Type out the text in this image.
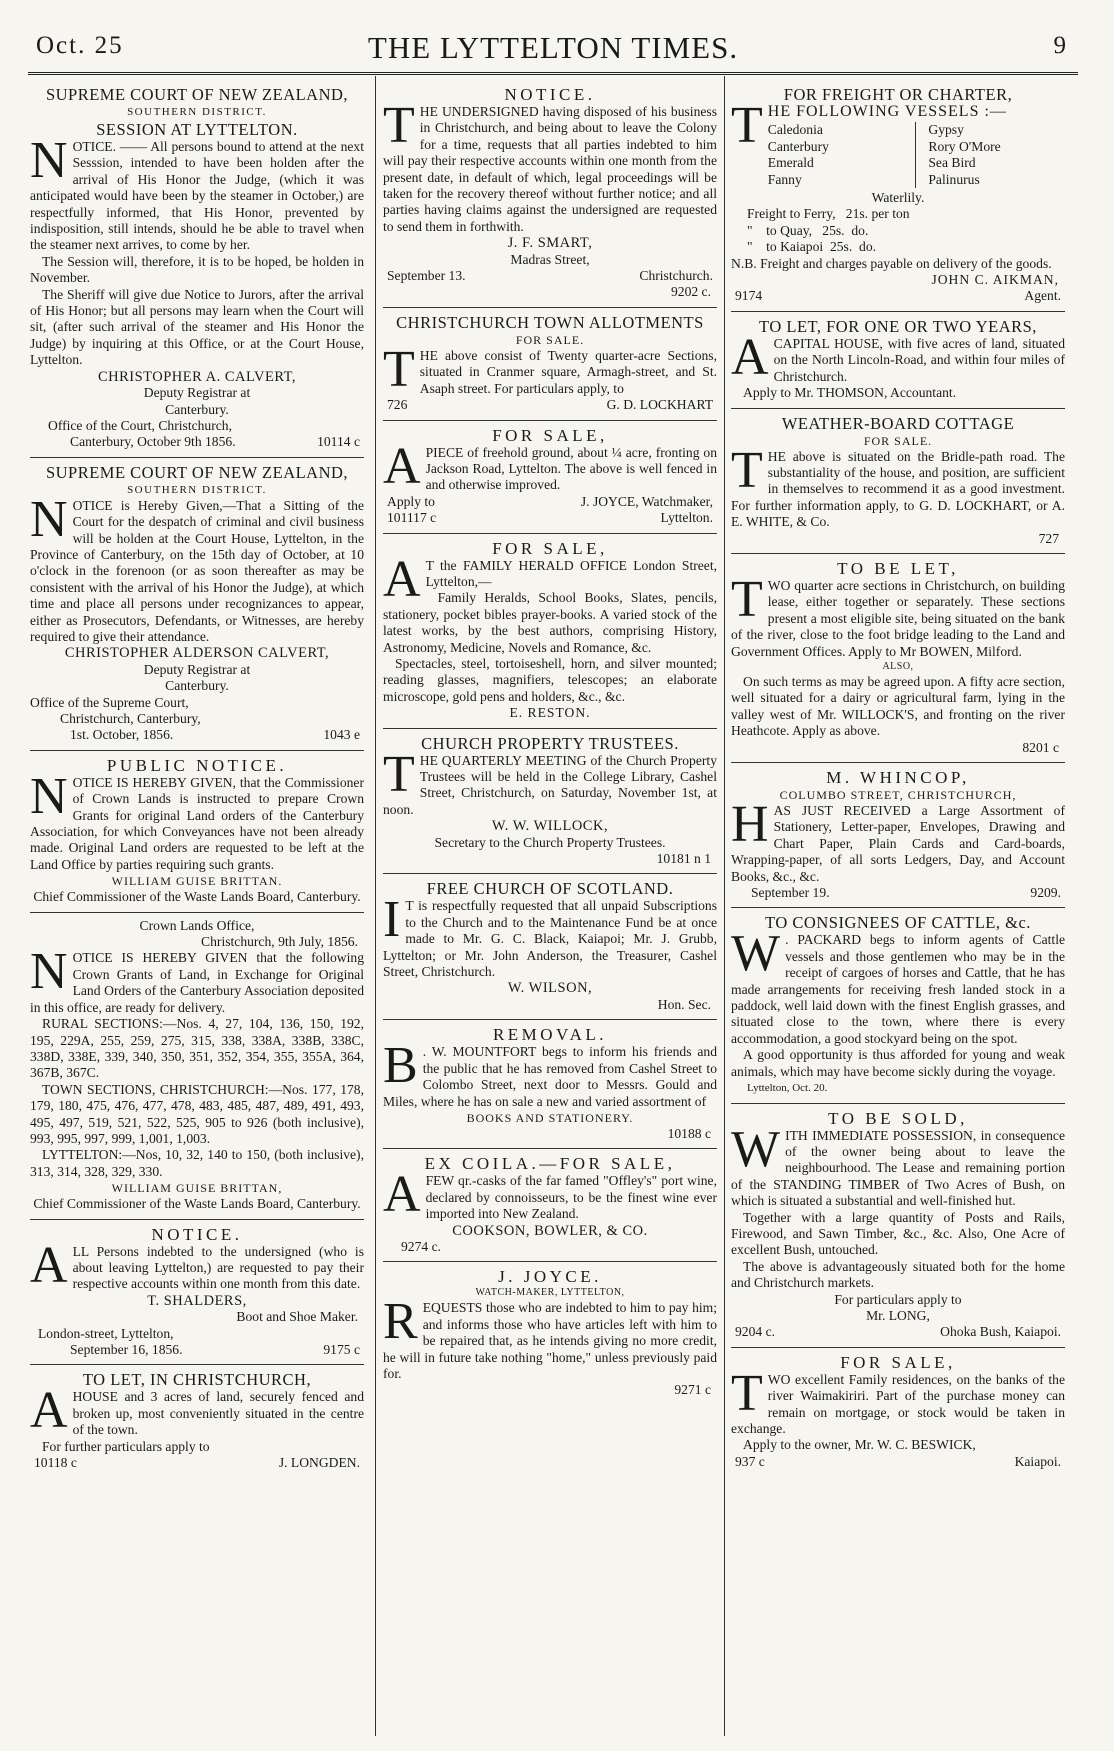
Oct. 25	THE LYTTELTON TIMES.	9
SUPREME COURT OF NEW ZEALAND,
SOUTHERN DISTRICT.
SESSION AT LYTTELTON.

NOTICE. —— All persons bound to attend at the next Sesssion, intended to have been holden after the arrival of His Honor the Judge, (which it was anticipated would have been by the steamer in October,) are respectfully informed, that His Honor, prevented by indisposition, still intends, should he be able to travel when the steamer next arrives, to come by her.

The Session will, therefore, it is to be hoped, be holden in November.

The Sheriff will give due Notice to Jurors, after the arrival of His Honor; but all persons may learn when the Court will sit, (after such arrival of the steamer and His Honor the Judge) by inquiring at this Office, or at the Court House, Lyttelton.

CHRISTOPHER A. CALVERT,
Deputy Registrar at
Canterbury.
Office of the Court, Christchurch,
Canterbury, October 9th 1856.	10114 c
SUPREME COURT OF NEW ZEALAND,
SOUTHERN DISTRICT.

NOTICE is Hereby Given,—That a Sitting of the Court for the despatch of criminal and civil business will be holden at the Court House, Lyttelton, in the Province of Canterbury, on the 15th day of October, at 10 o'clock in the forenoon (or as soon thereafter as may be consistent with the arrival of his Honor the Judge), at which time and place all persons under recognizances to appear, either as Prosecutors, Defendants, or Witnesses, are hereby required to give their attendance.

CHRISTOPHER ALDERSON CALVERT,
Deputy Registrar at
Canterbury.
Office of the Supreme Court,
Christchurch, Canterbury,
1st. October, 1856.	1043 e
PUBLIC NOTICE.

NOTICE IS HEREBY GIVEN, that the Commissioner of Crown Lands is instructed to prepare Crown Grants for original Land orders of the Canterbury Association, for which Conveyances have not been already made. Original Land orders are requested to be left at the Land Office by parties requiring such grants.

WILLIAM GUISE BRITTAN.
Chief Commissioner of the Waste Lands Board, Canterbury.
Crown Lands Office,
Christchurch, 9th July, 1856.

NOTICE IS HEREBY GIVEN that the following Crown Grants of Land, in Exchange for Original Land Orders of the Canterbury Association deposited in this office, are ready for delivery.

RURAL SECTIONS:—Nos. 4, 27, 104, 136, 150, 192, 195, 229A, 255, 259, 275, 315, 338, 338A, 338B, 338C, 338D, 338E, 339, 340, 350, 351, 352, 354, 355, 355A, 364, 367B, 367C.

TOWN SECTIONS, CHRISTCHURCH:—Nos. 177, 178, 179, 180, 475, 476, 477, 478, 483, 485, 487, 489, 491, 493, 495, 497, 519, 521, 522, 525, 905 to 926 (both inclusive), 993, 995, 997, 999, 1,001, 1,003.

LYTTELTON:—Nos, 10, 32, 140 to 150, (both inclusive), 313, 314, 328, 329, 330.

WILLIAM GUISE BRITTAN,
Chief Commissioner of the Waste Lands Board, Canterbury.
NOTICE.

ALL Persons indebted to the undersigned (who is about leaving Lyttelton,) are requested to pay their respective accounts within one month from this date.

T. SHALDERS,
Boot and Shoe Maker.
London-street, Lyttelton,
September 16, 1856.	9175 c
TO LET, IN CHRISTCHURCH,

AHOUSE and 3 acres of land, securely fenced and broken up, most conveniently situated in the centre of the town.

For further particulars apply to
10118 c	J. LONGDEN.
NOTICE.

THE UNDERSIGNED having disposed of his business in Christchurch, and being about to leave the Colony for a time, requests that all parties indebted to him will pay their respective accounts within one month from the present date, in default of which, legal proceedings will be taken for the recovery thereof without further notice; and all parties having claims against the undersigned are requested to send them in forthwith.

J. F. SMART,
Madras Street,
September 13.	Christchurch.
9202 c.
CHRISTCHURCH TOWN ALLOTMENTS
FOR SALE.

THE above consist of Twenty quarter-acre Sections, situated in Cranmer square, Armagh-street, and St. Asaph street. For particulars apply, to

726	G. D. LOCKHART
FOR SALE,

APIECE of freehold ground, about ¼ acre, fronting on Jackson Road, Lyttelton. The above is well fenced in and otherwise improved.

Apply to	J. JOYCE, Watchmaker,
101117 c	Lyttelton.
FOR SALE,

A T the FAMILY HERALD OFFICE London Street, Lyttelton,—

Family Heralds, School Books, Slates, pencils, stationery, pocket bibles prayer-books. A varied stock of the latest works, by the best authors, comprising History, Astronomy, Medicine, Novels and Romance, &c.

Spectacles, steel, tortoiseshell, horn, and silver mounted; reading glasses, magnifiers, telescopes; an elaborate microscope, gold pens and holders, &c., &c.

E. RESTON.
CHURCH PROPERTY TRUSTEES.

THE QUARTERLY MEETING of the Church Property Trustees will be held in the College Library, Cashel Street, Christchurch, on Saturday, November 1st, at noon.

W. W. WILLOCK,
Secretary to the Church Property Trustees.
10181 n 1
FREE CHURCH OF SCOTLAND.

I T is respectfully requested that all unpaid Subscriptions to the Church and to the Maintenance Fund be at once made to Mr. G. C. Black, Kaiapoi; Mr. J. Grubb, Lyttelton; or Mr. John Anderson, the Treasurer, Cashel Street, Christchurch.

W. WILSON,
Hon. Sec.
REMOVAL.

B . W. MOUNTFORT begs to inform his friends and the public that he has removed from Cashel Street to Colombo Street, next door to Messrs. Gould and Miles, where he has on sale a new and varied assortment of

BOOKS AND STATIONERY.
10188 c
EX COILA.—FOR SALE,

AFEW qr.-casks of the far famed "Offley's" port wine, declared by connoisseurs, to be the finest wine ever imported into New Zealand.

COOKSON, BOWLER, & CO.
9274 c.
J. JOYCE.
WATCH-MAKER, LYTTELTON,

REQUESTS those who are indebted to him to pay him; and informs those who have articles left with him to be repaired that, as he intends giving no more credit, he will in future take nothing "home," unless previously paid for.

9271 c
FOR FREIGHT OR CHARTER,
THE FOLLOWING VESSELS :—
Caledonia	Gypsy
Canterbury	Rory O'More
Emerald	Sea Bird
Fanny	Palinurus
Waterlily.
Freight to Ferry,   21s. per ton
"    to Quay,   25s.  do.
"    to Kaiapoi  25s.  do.

N.B. Freight and charges payable on delivery of the goods.

JOHN C. AIKMAN,
9174	Agent.
TO LET, FOR ONE OR TWO YEARS,

ACAPITAL HOUSE, with five acres of land, situated on the North Lincoln-Road, and within four miles of Christchurch.

Apply to Mr. THOMSON, Accountant.

WEATHER-BOARD COTTAGE
FOR SALE.

THE above is situated on the Bridle-path road. The substantiality of the house, and position, are sufficient in themselves to recommend it as a good investment. For further information apply, to G. D. LOCKHART, or A. E. WHITE, & Co.

727
TO BE LET,

TWO quarter acre sections in Christchurch, on building lease, either together or separately. These sections present a most eligible site, being situated on the bank of the river, close to the foot bridge leading to the Land and Government Offices. Apply to Mr BOWEN, Milford.

ALSO,

On such terms as may be agreed upon. A fifty acre section, well situated for a dairy or agricultural farm, lying in the valley west of Mr. WILLOCK'S, and fronting on the river Heathcote. Apply as above.

8201 c
M. WHINCOP,
COLUMBO STREET, CHRISTCHURCH,

HAS JUST RECEIVED a Large Assortment of Stationery, Letter-paper, Envelopes, Drawing and Chart Paper, Plain Cards and Card-boards, Wrapping-paper, of all sorts Ledgers, Day, and Account Books, &c., &c.

September 19.	9209.
TO CONSIGNEES OF CATTLE, &c.

W . PACKARD begs to inform agents of Cattle vessels and those gentlemen who may be in the receipt of cargoes of horses and Cattle, that he has made arrangements for receiving fresh landed stock in a paddock, well laid down with the finest English grasses, and situated close to the town, where there is every accommodation, a good stockyard being on the spot.

A good opportunity is thus afforded for young and weak animals, which may have become sickly during the voyage.

Lyttelton, Oct. 20.
TO BE SOLD,

WITH IMMEDIATE POSSESSION, in consequence of the owner being about to leave the neighbourhood. The Lease and remaining portion of the STANDING TIMBER of Two Acres of Bush, on which is situated a substantial and well-finished hut.

Together with a large quantity of Posts and Rails, Firewood, and Sawn Timber, &c., &c. Also, One Acre of excellent Bush, untouched.

The above is advantageously situated both for the home and Christchurch markets.

For particulars apply to
Mr. LONG,
9204 c.	Ohoka Bush, Kaiapoi.
FOR SALE,

TWO excellent Family residences, on the banks of the river Waimakiriri. Part of the purchase money can remain on mortgage, or stock would be taken in exchange.

Apply to the owner, Mr. W. C. BESWICK,

937 c	Kaiapoi.
